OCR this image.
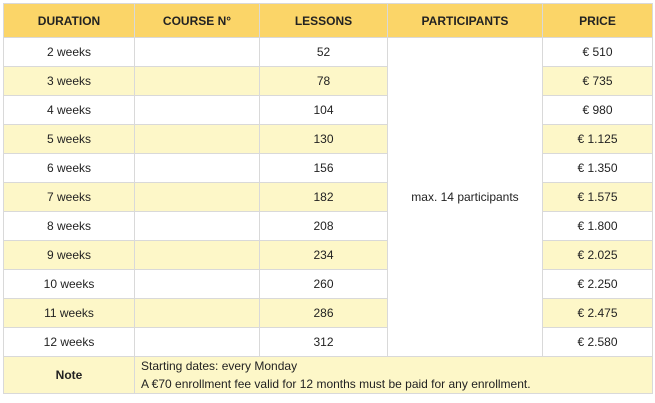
DURATION	COURSE N°	LESSONS	PARTICIPANTS	PRICE
2 weeks		52	max. 14 participants	€ 510
3 weeks		78		€ 735
4 weeks		104		€ 980
5 weeks		130		€ 1.125
6 weeks		156		€ 1.350
7 weeks		182		€ 1.575
8 weeks		208		€ 1.800
9 weeks		234		€ 2.025
10 weeks		260		€ 2.250
11 weeks		286		€ 2.475
12 weeks		312		€ 2.580
Note	Starting dates: every Monday
A €70 enrollment fee valid for 12 months must be paid for any enrollment.			
